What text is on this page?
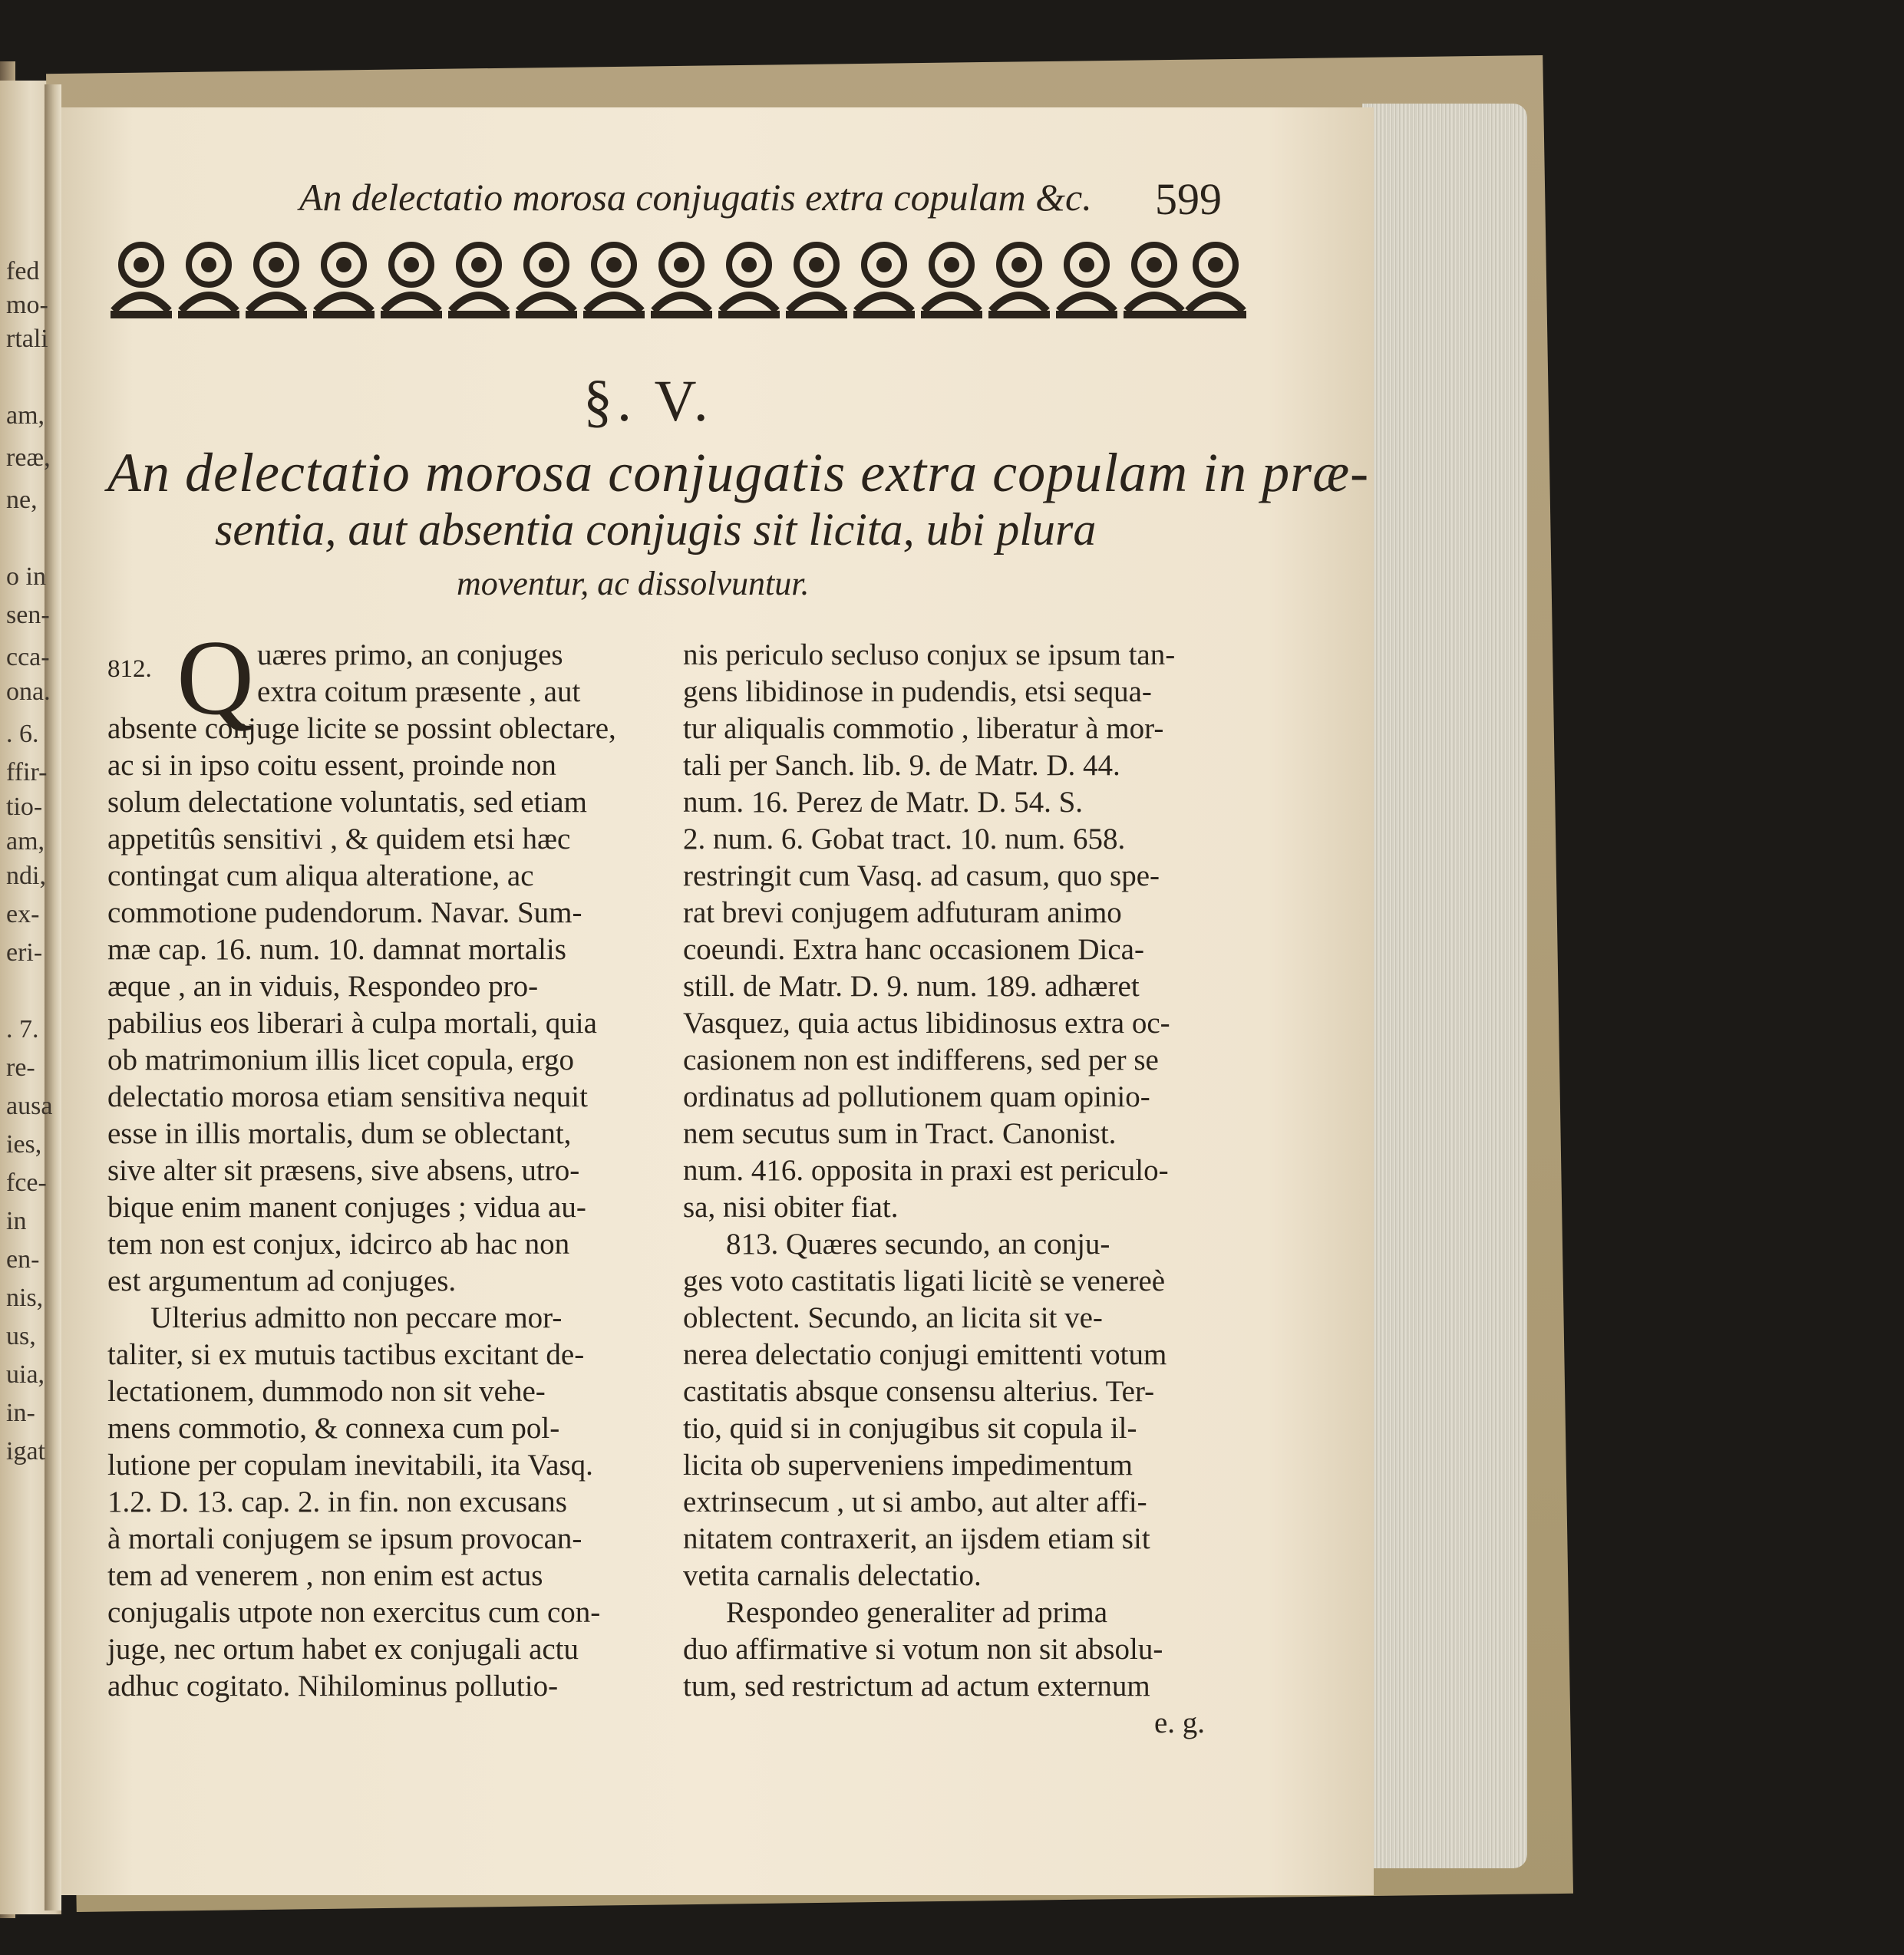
fed
mo-
rtali
am,
reæ,
ne,
o in
sen-
cca-
ona.
. 6.
ffir-
tio-
am,
ndi,
ex-
eri-
. 7.
re-
ausa
ies,
fce-
in
en-
nis,
us,
uia,
in-
igat
An delectatio morosa conjugatis extra copulam &c. 599
§. V.
An delectatio morosa conjugatis extra copulam in præ-
sentia, aut absentia conjugis sit licita, ubi plura
moventur, ac dissolvuntur.
812. Q uæres primo, an conjuges
extra coitum præsente , aut
absente conjuge licite se possint oblectare,
ac si in ipso coitu essent, proinde non
solum delectatione voluntatis, sed etiam
appetitûs sensitivi , & quidem etsi hæc
contingat cum aliqua alteratione, ac
commotione pudendorum. Navar. Sum-
mæ cap. 16. num. 10. damnat mortalis
æque , an in viduis, Respondeo pro-
pabilius eos liberari à culpa mortali, quia
ob matrimonium illis licet copula, ergo
delectatio morosa etiam sensitiva nequit
esse in illis mortalis, dum se oblectant,
sive alter sit præsens, sive absens, utro-
bique enim manent conjuges ; vidua au-
tem non est conjux, idcirco ab hac non
est argumentum ad conjuges.
Ulterius admitto non peccare mor-
taliter, si ex mutuis tactibus excitant de-
lectationem, dummodo non sit vehe-
mens commotio, & connexa cum pol-
lutione per copulam inevitabili, ita Vasq.
1.2. D. 13. cap. 2. in fin. non excusans
à mortali conjugem se ipsum provocan-
tem ad venerem , non enim est actus
conjugalis utpote non exercitus cum con-
juge, nec ortum habet ex conjugali actu
adhuc cogitato. Nihilominus pollutio-
nis periculo secluso conjux se ipsum tan-
gens libidinose in pudendis, etsi sequa-
tur aliqualis commotio , liberatur à mor-
tali per Sanch. lib. 9. de Matr. D. 44.
num. 16. Perez de Matr. D. 54. S.
2. num. 6. Gobat tract. 10. num. 658.
restringit cum Vasq. ad casum, quo spe-
rat brevi conjugem adfuturam animo
coeundi. Extra hanc occasionem Dica-
still. de Matr. D. 9. num. 189. adhæret
Vasquez, quia actus libidinosus extra oc-
casionem non est indifferens, sed per se
ordinatus ad pollutionem quam opinio-
nem secutus sum in Tract. Canonist.
num. 416. opposita in praxi est periculo-
sa, nisi obiter fiat.
813. Quæres secundo, an conju-
ges voto castitatis ligati licitè se venereè
oblectent. Secundo, an licita sit ve-
nerea delectatio conjugi emittenti votum
castitatis absque consensu alterius. Ter-
tio, quid si in conjugibus sit copula il-
licita ob superveniens impedimentum
extrinsecum , ut si ambo, aut alter affi-
nitatem contraxerit, an ijsdem etiam sit
vetita carnalis delectatio.
Respondeo generaliter ad prima
duo affirmative si votum non sit absolu-
tum, sed restrictum ad actum externum
e. g.
